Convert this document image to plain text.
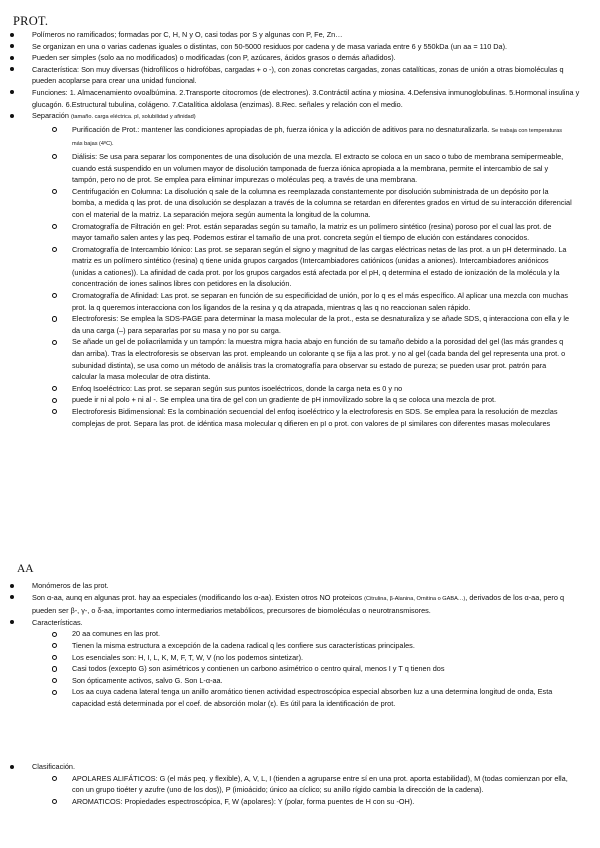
PROT.
Polímeros no ramificados; formadas por C, H, N y O, casi todas por S y algunas con P, Fe, Zn…
Se organizan en una o varias cadenas iguales o distintas, con 50-5000 residuos por cadena y de masa variada entre 6 y 550kDa (un aa = 110 Da).
Pueden ser simples (solo aa no modificados) o modificadas (con P, azúcares, ácidos grasos o demás añadidos).
Característica: Son muy diversas (hidrofílicos o hidrofóbas, cargadas + o -), con zonas concretas cargadas, zonas catalíticas, zonas de unión a otras biomoléculas q pueden acoplarse para crear una unidad funcional.
Funciones: 1. Almacenamiento ovoalbúmina. 2.Transporte citocromos (de electrones). 3.Contráctil actina y miosina. 4.Defensiva inmunoglobulinas. 5.Hormonal insulina y glucagón. 6.Estructural tubulina, colágeno. 7.Catalítica aldolasa (enzimas). 8.Rec. señales y relación con el medio.
Separación (tamaño. carga eléctrica. pI, solubilidad y afinidad)
Purificación de Prot.: mantener las condiciones apropiadas de ph, fuerza iónica y la adicción de aditivos para no desnaturalizarla. Se trabaja con temperaturas más bajas (4ºC).
Diálisis: Se usa para separar los componentes de una disolución de una mezcla. El extracto se coloca en un saco o tubo de membrana semipermeable, cuando está suspendido en un volumen mayor de disolución tamponada de fuerza iónica apropiada a la membrana, permite el intercambio de sal y tampón, pero no de prot. Se emplea para eliminar impurezas o moléculas peq. a través de una membrana.
Centrifugación en Columna: La disolución q sale de la columna es reemplazada constantemente por disolución subministrada de un depósito por la bomba, a medida q las prot. de una disolución se desplazan a través de la columna se retardan en diferentes grados en virtud de su interacción diferencial con el material de la matriz. La separación mejora según aumenta la longitud de la columna.
Cromatografía de Filtración en gel: Prot. están separadas según su tamaño, la matriz es un polímero sintético (resina) poroso por el cual las prot. de mayor tamaño salen antes y las peq. Podemos estirar el tamaño de una prot. concreta según el tiempo de elución con estándares conocidos.
Cromatografía de Intercambio Iónico: Las prot. se separan según el signo y magnitud de las cargas eléctricas netas de las prot. a un pH determinado. La matriz es un polímero sintético (resina) q tiene unida grupos cargados (Intercambiadores catiónicos (unidas a aniones). Intercambiadores aniónicos (unidas a cationes)). La afinidad de cada prot. por los grupos cargados está afectada por el pH, q determina el estado de ionización de la molécula y la concentración de iones salinos libres con petidores en la disolución.
Cromatografía de Afinidad: Las prot. se separan en función de su especificidad de unión, por lo q es el más específico. Al aplicar una mezcla con muchas prot. la q queremos interacciona con los ligandos de la resina y q da atrapada, mientras q las q no reaccionan salen rápido.
Electroforesis: Se emplea la SDS-PAGE para determinar la masa molecular de la prot., esta se desnaturaliza y se añade SDS, q interacciona con ella y le da una carga (–) para separarlas por su masa y no por su carga.
Se añade un gel de poliacrilamida y un tampón: la muestra migra hacia abajo en función de su tamaño debido a la porosidad del gel (las más grandes q dan arriba). Tras la electroforesis se observan las prot. empleando un colorante q se fija a las prot. y no al gel (cada banda del gel representa una prot. o subunidad distinta), se usa como un método de análisis tras la cromatografía para observar su estado de pureza; se pueden usar prot. patrón para calcular la masa molecular de otra distinta.
Enfoq Isoeléctrico: Las prot. se separan según sus puntos isoeléctricos, donde la carga neta es 0 y no
puede ir ni al polo + ni al -. Se emplea una tira de gel con un gradiente de pH inmovilizado sobre la q se coloca una mezcla de prot.
Electroforesis Bidimensional: Es la combinación secuencial del enfoq isoeléctrico y la electroforesis en SDS. Se emplea para la resolución de mezclas complejas de prot. Separa las prot. de idéntica masa molecular q difieren en pI o prot. con valores de pI similares con diferentes masas moleculares
AA
Monómeros de las prot.
Son α-aa, aunq en algunas prot. hay aa especiales (modificando los α-aa). Existen otros NO proteicos (Citrulina, β-Alanina, Ornitina o GABA…), derivados de los α-aa, pero q pueden ser β-, γ-, o δ-aa, importantes como intermediarios metabólicos, precursores de biomoléculas o neurotransmisores.
Características.
20 aa comunes en las prot.
Tienen la misma estructura a excepción de la cadena radical q les confiere sus características principales.
Los esenciales son: H, I, L, K, M, F, T, W, V (no los podemos sintetizar).
Casi todos (excepto G) son asimétricos y contienen un carbono asimétrico o centro quiral, menos I y T q tienen dos
Son ópticamente activos, salvo G. Son L-α-aa.
Los aa cuya cadena lateral tenga un anillo aromático tienen actividad espectroscópica especial absorben luz a una determina longitud de onda, Esta capacidad está determinada por el coef. de absorción molar (ε). Es útil para la identificación de prot.
Clasificación.
APOLARES ALIFÁTICOS: G (el más peq. y flexible), A, V, L, I (tienden a agruparse entre sí en una prot. aporta estabilidad), M (todas comienzan por ella, con un grupo tioéter y azufre (uno de los dos)), P (imioácido; único aa cíclico; su anillo rígido cambia la dirección de la cadena).
AROMATICOS: Propiedades espectroscópica, F, W (apolares): Y (polar, forma puentes de H con su -OH).
